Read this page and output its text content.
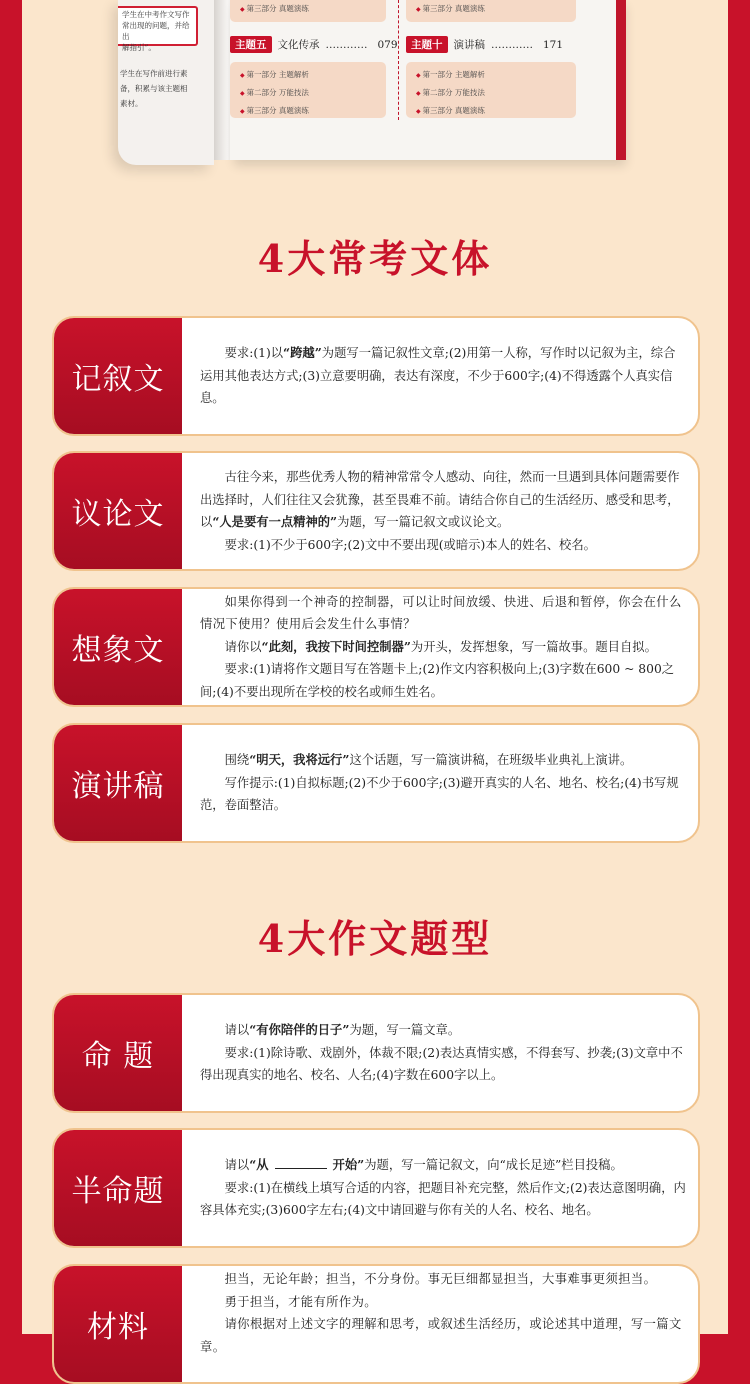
学生在中考作文写作
常出现的问题，并给出
解指引”。
学生在写作前进行素
备，积累与该主题相
素材。
◆ 第三部分 真题演练
◆	第三部分 真题演练
主题五	文化传承 ………… 079	主题十	演讲稿 ………… 171
◆ 第一部分 主题解析
◆ 第二部分 万能技法
◆ 第三部分 真题演练
◆ 第一部分 主题解析
◆ 第二部分 万能技法
◆ 第三部分 真题演练
4大常考文体
4大作文题型
记叙文

要求:(1)以“跨越”为题写一篇记叙性文章;(2)用第一人称，写作时以记叙为主，综合运用其他表达方式;(3)立意要明确，表达有深度，不少于600字;(4)不得透露个人真实信息。

议论文

古往今来，那些优秀人物的精神常常令人感动、向往，然而一旦遇到具体问题需要作出选择时，人们往往又会犹豫，甚至畏难不前。请结合你自己的生活经历、感受和思考，以“人是要有一点精神的”为题，写一篇记叙文或议论文。

要求:(1)不少于600字;(2)文中不要出现(或暗示)本人的姓名、校名。

想象文

如果你得到一个神奇的控制器，可以让时间放缓、快进、后退和暂停，你会在什么情况下使用？使用后会发生什么事情？

请你以“此刻，我按下时间控制器”为开头，发挥想象，写一篇故事。题目自拟。

要求:(1)请将作文题目写在答题卡上;(2)作文内容积极向上;(3)字数在600 ~ 800之间;(4)不要出现所在学校的校名或师生姓名。

演讲稿

围绕“明天，我将远行”这个话题，写一篇演讲稿，在班级毕业典礼上演讲。

写作提示:(1)自拟标题;(2)不少于600字;(3)避开真实的人名、地名、校名;(4)书写规范，卷面整洁。

命 题

请以“有你陪伴的日子”为题，写一篇文章。

要求:(1)除诗歌、戏剧外，体裁不限;(2)表达真情实感，不得套写、抄袭;(3)文章中不得出现真实的地名、校名、人名;(4)字数在600字以上。

半命题

请以“从	开始”为题，写一篇记叙文，向“成长足迹”栏目投稿。

要求:(1)在横线上填写合适的内容，把题目补充完整，然后作文;(2)表达意图明确，内容具体充实;(3)600字左右;(4)文中请回避与你有关的人名、校名、地名。

材料

担当，无论年龄；担当，不分身份。事无巨细都显担当，大事难事更须担当。

勇于担当，才能有所作为。

请你根据对上述文字的理解和思考，或叙述生活经历，或论述其中道理，写一篇文章。
